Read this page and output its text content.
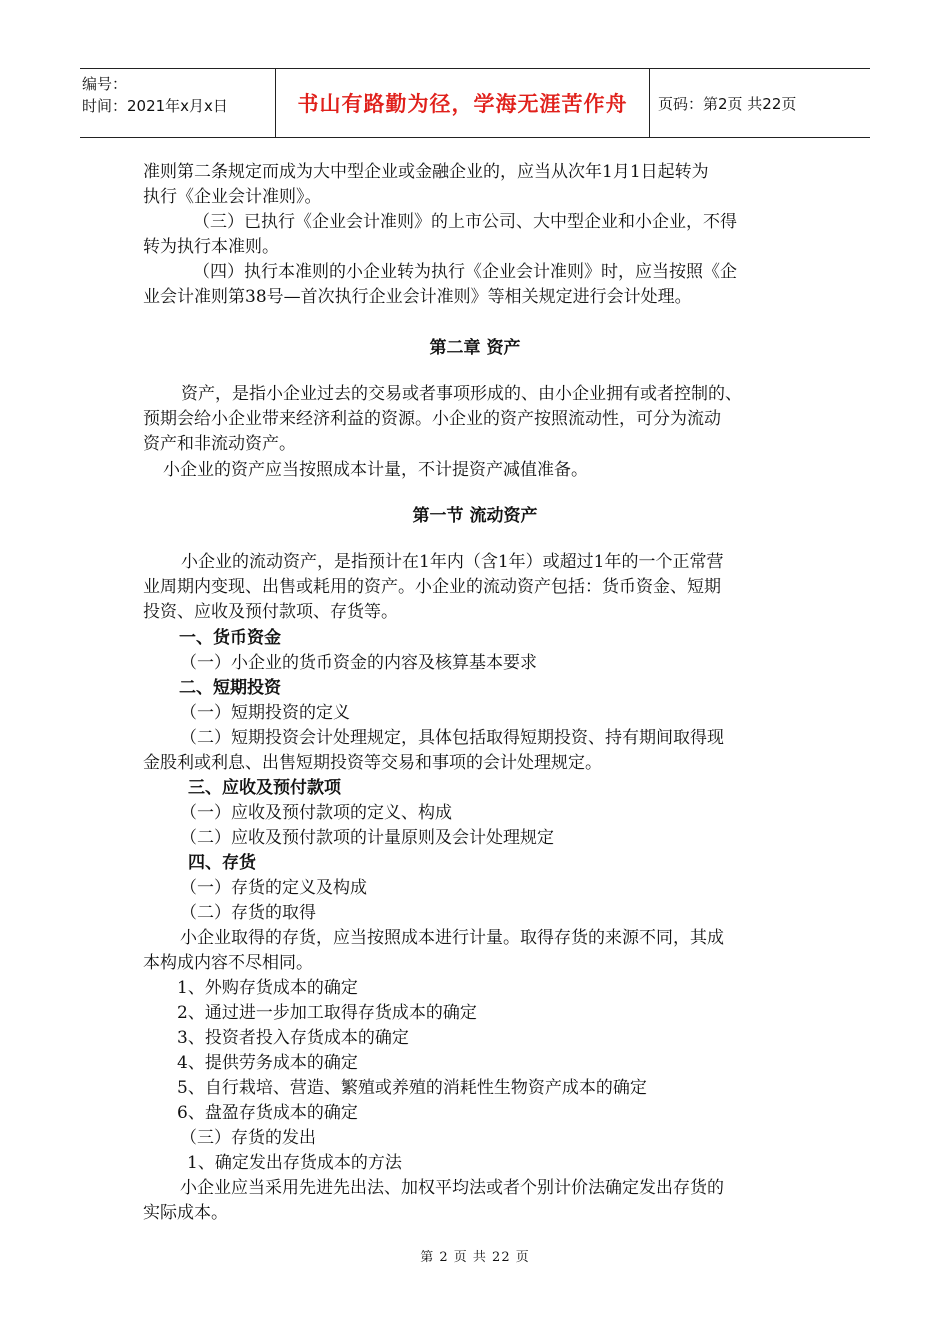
编号：
时间：2021年x月x日	书山有路勤为径，学海无涯苦作舟	页码：第2页 共22页
准则第二条规定而成为大中型企业或金融企业的，应当从次年1月1日起转为
执行《企业会计准则》。
（三）已执行《企业会计准则》的上市公司、大中型企业和小企业，不得
转为执行本准则。
（四）执行本准则的小企业转为执行《企业会计准则》时，应当按照《企
业会计准则第38号—首次执行企业会计准则》等相关规定进行会计处理。
第二章 资产
资产，是指小企业过去的交易或者事项形成的、由小企业拥有或者控制的、
预期会给小企业带来经济利益的资源。小企业的资产按照流动性，可分为流动
资产和非流动资产。
小企业的资产应当按照成本计量，不计提资产减值准备。
第一节 流动资产
小企业的流动资产，是指预计在1年内（含1年）或超过1年的一个正常营
业周期内变现、出售或耗用的资产。小企业的流动资产包括：货币资金、短期
投资、应收及预付款项、存货等。
一、货币资金
（一）小企业的货币资金的内容及核算基本要求
二、短期投资
（一）短期投资的定义
（二）短期投资会计处理规定，具体包括取得短期投资、持有期间取得现
金股利或利息、出售短期投资等交易和事项的会计处理规定。
三、应收及预付款项
（一）应收及预付款项的定义、构成
（二）应收及预付款项的计量原则及会计处理规定
四、存货
（一）存货的定义及构成
（二）存货的取得
小企业取得的存货，应当按照成本进行计量。取得存货的来源不同，其成
本构成内容不尽相同。
1、外购存货成本的确定
2、通过进一步加工取得存货成本的确定
3、投资者投入存货成本的确定
4、提供劳务成本的确定
5、自行栽培、营造、繁殖或养殖的消耗性生物资产成本的确定
6、盘盈存货成本的确定
（三）存货的发出
1、确定发出存货成本的方法
小企业应当采用先进先出法、加权平均法或者个别计价法确定发出存货的
实际成本。
第 2 页 共 22 页
